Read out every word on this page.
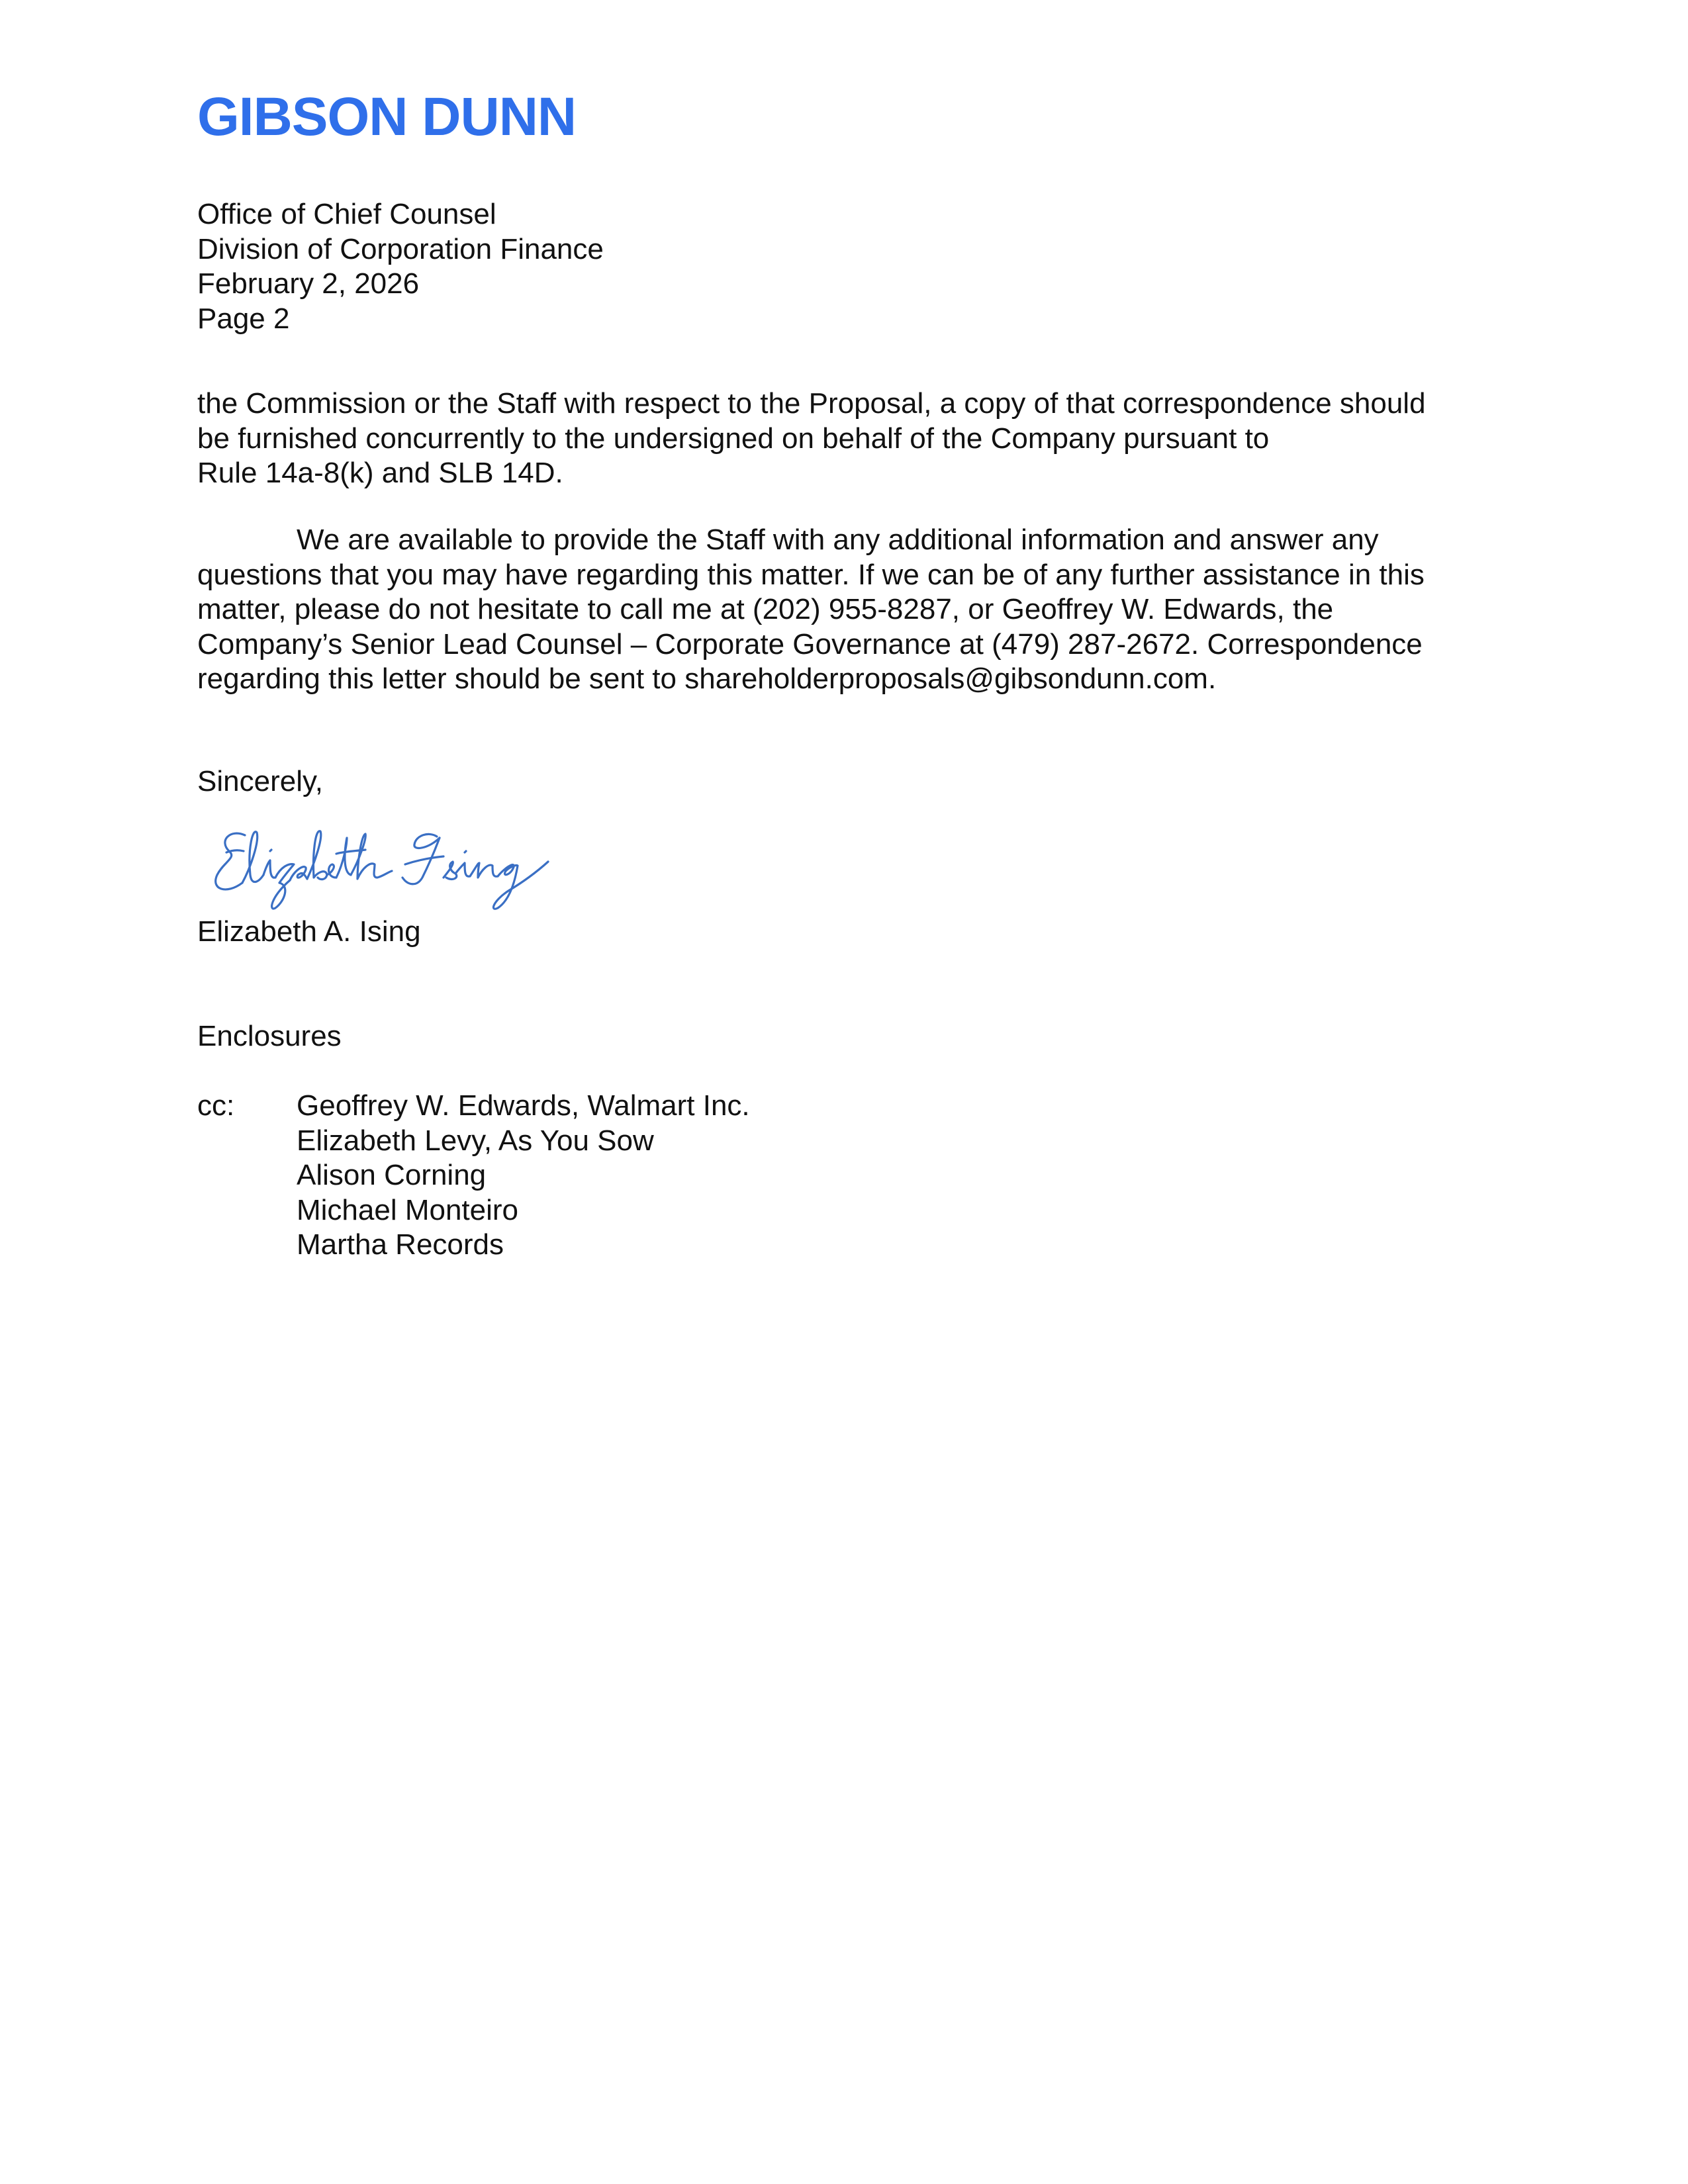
GIBSON DUNN
Office of Chief Counsel
Division of Corporation Finance
February 2, 2026
Page 2
the Commission or the Staff with respect to the Proposal, a copy of that correspondence should
be furnished concurrently to the undersigned on behalf of the Company pursuant to
Rule 14a-8(k) and SLB 14D.
We are available to provide the Staff with any additional information and answer any
questions that you may have regarding this matter. If we can be of any further assistance in this
matter, please do not hesitate to call me at (202) 955-8287, or Geoffrey W. Edwards, the
Company’s Senior Lead Counsel – Corporate Governance at (479) 287-2672. Correspondence
regarding this letter should be sent to shareholderproposals@gibsondunn.com.
Sincerely,
Elizabeth A. Ising
Enclosures
cc: Geoffrey W. Edwards, Walmart Inc.
Elizabeth Levy, As You Sow
Alison Corning
Michael Monteiro
Martha Records
